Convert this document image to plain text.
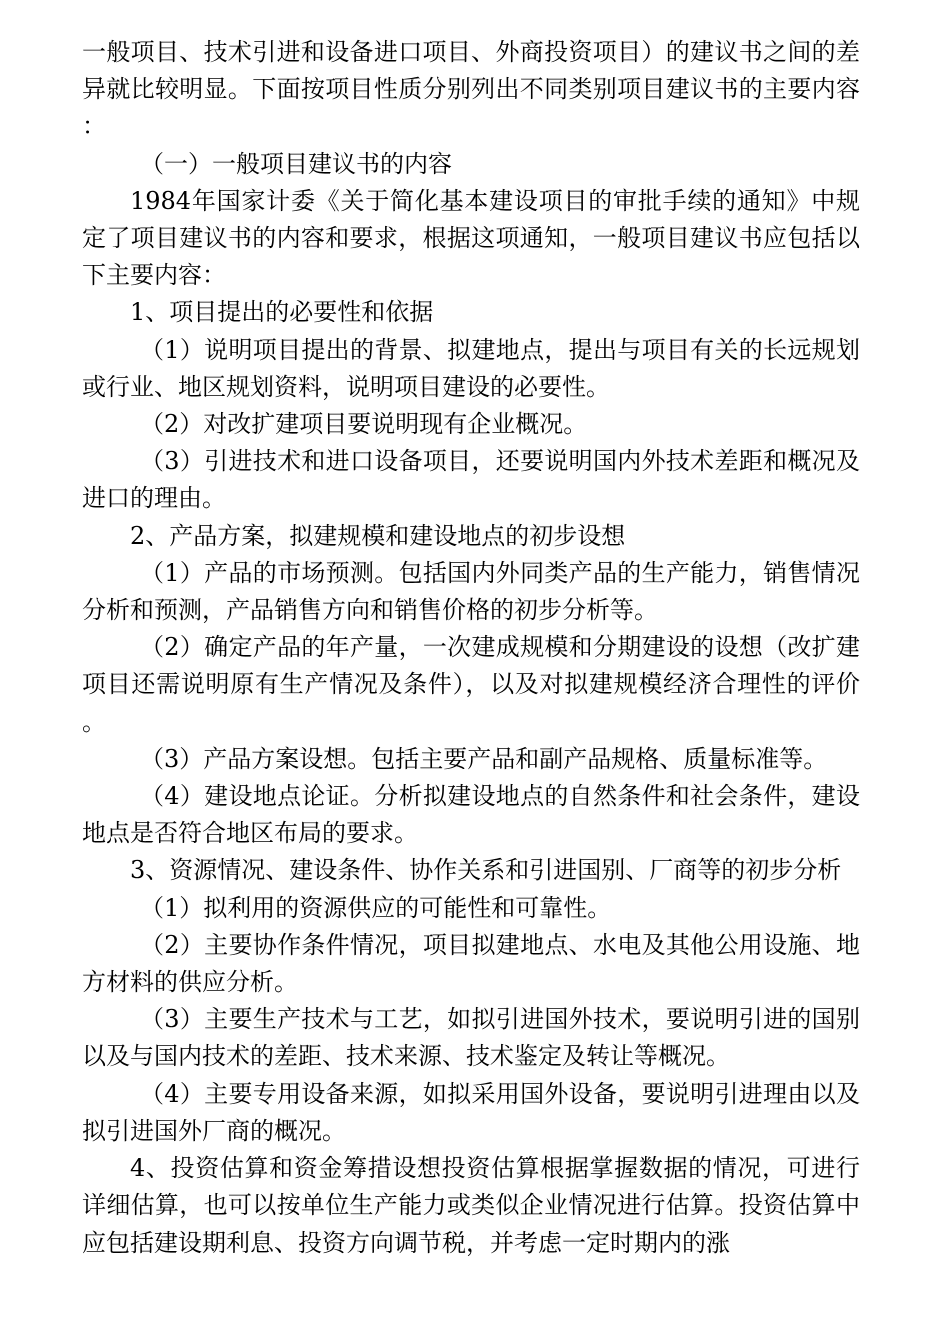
一般项目、技术引进和设备进口项目、外商投资项目）的建议书之间的差异就比较明显。下面按项目性质分别列出不同类别项目建议书的主要内容：

（一）一般项目建议书的内容

1984年国家计委《关于简化基本建设项目的审批手续的通知》中规定了项目建议书的内容和要求，根据这项通知，一般项目建议书应包括以下主要内容：

1、项目提出的必要性和依据

（1）说明项目提出的背景、拟建地点，提出与项目有关的长远规划或行业、地区规划资料，说明项目建设的必要性。

（2）对改扩建项目要说明现有企业概况。

（3）引进技术和进口设备项目，还要说明国内外技术差距和概况及进口的理由。

2、产品方案，拟建规模和建设地点的初步设想

（1）产品的市场预测。包括国内外同类产品的生产能力，销售情况分析和预测，产品销售方向和销售价格的初步分析等。

（2）确定产品的年产量，一次建成规模和分期建设的设想（改扩建项目还需说明原有生产情况及条件），以及对拟建规模经济合理性的评价。

（3）产品方案设想。包括主要产品和副产品规格、质量标准等。

（4）建设地点论证。分析拟建设地点的自然条件和社会条件，建设地点是否符合地区布局的要求。

3、资源情况、建设条件、协作关系和引进国别、厂商等的初步分析

（1）拟利用的资源供应的可能性和可靠性。

（2）主要协作条件情况，项目拟建地点、水电及其他公用设施、地方材料的供应分析。

（3）主要生产技术与工艺，如拟引进国外技术，要说明引进的国别以及与国内技术的差距、技术来源、技术鉴定及转让等概况。

（4）主要专用设备来源，如拟采用国外设备，要说明引进理由以及拟引进国外厂商的概况。

4、投资估算和资金筹措设想投资估算根据掌握数据的情况，可进行详细估算，也可以按单位生产能力或类似企业情况进行估算。投资估算中应包括建设期利息、投资方向调节税，并考虑一定时期内的涨
